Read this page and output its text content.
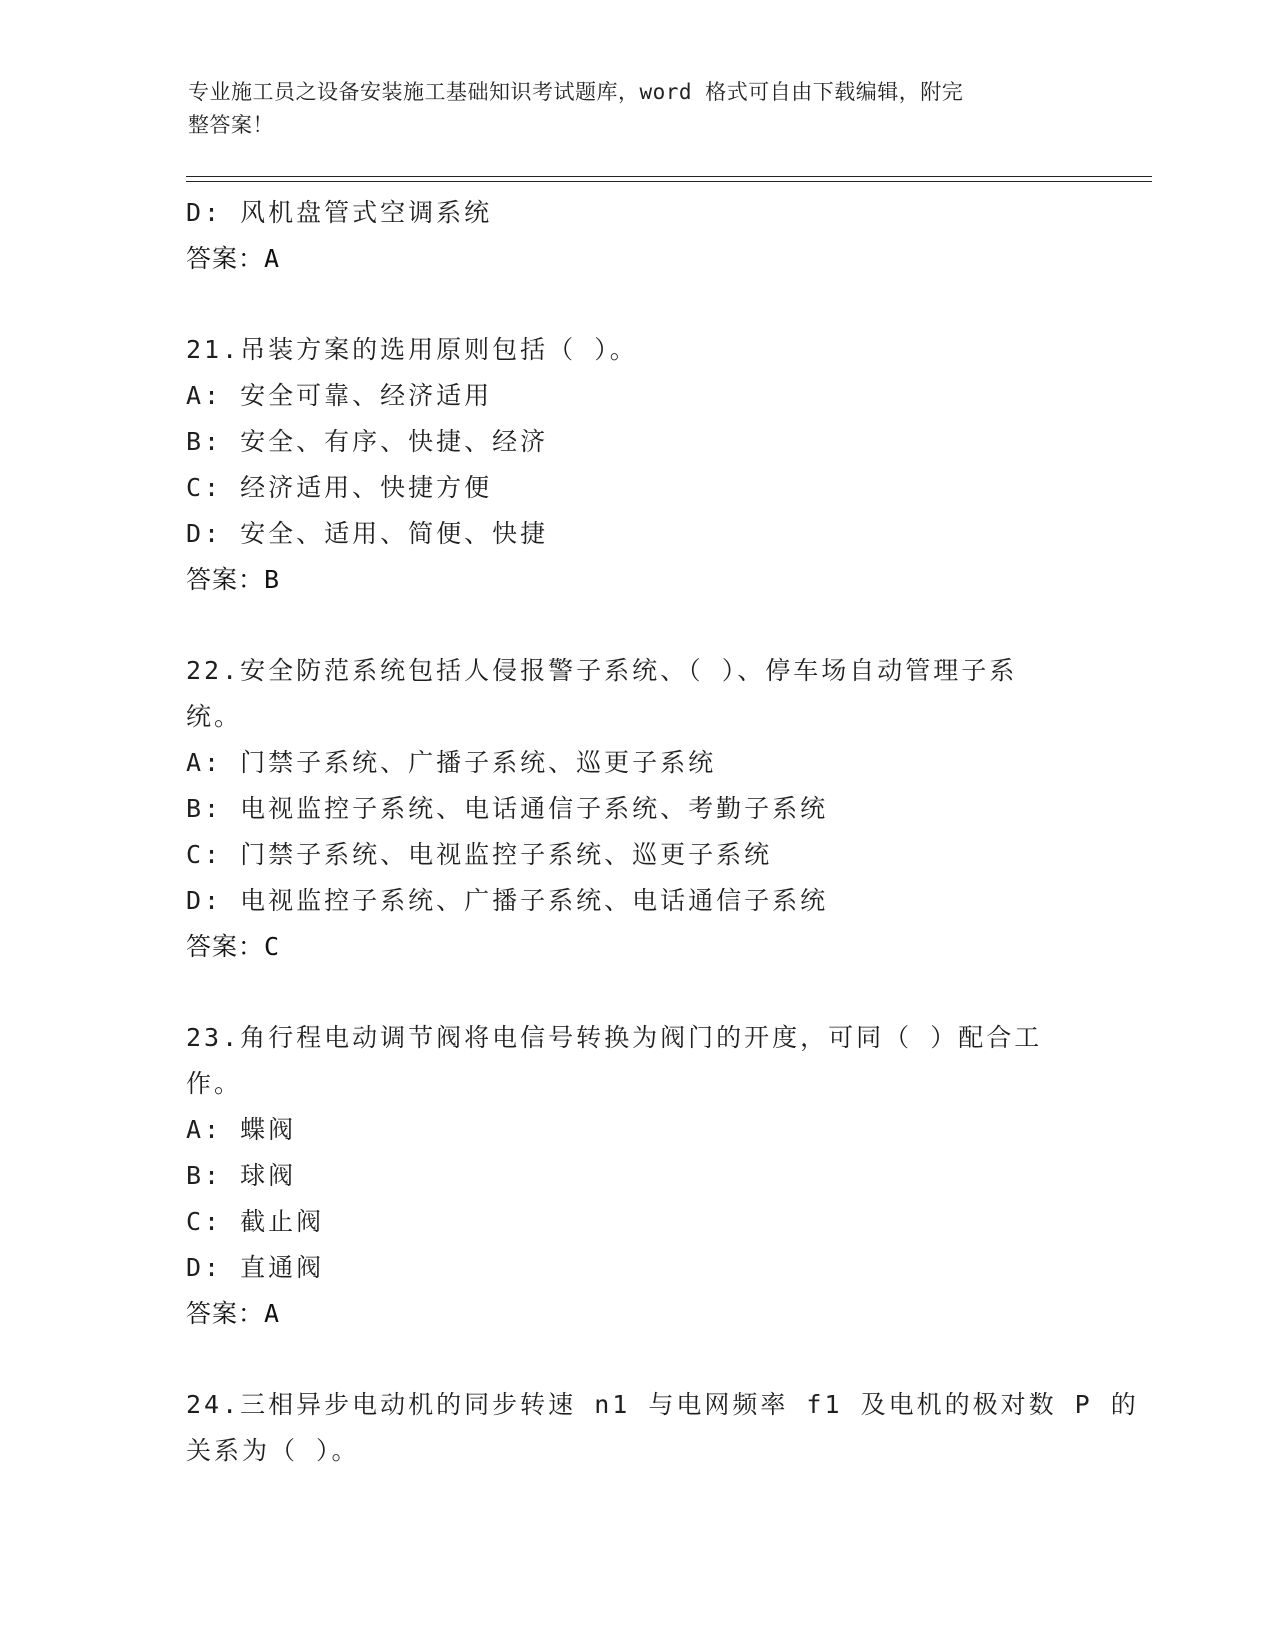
专业施工员之设备安装施工基础知识考试题库，word 格式可自由下载编辑，附完
整答案！
D: 风机盘管式空调系统
答案：A
21.吊装方案的选用原则包括（ ）。
A: 安全可靠、经济适用
B: 安全、有序、快捷、经济
C: 经济适用、快捷方便
D: 安全、适用、简便、快捷
答案：B
22.安全防范系统包括人侵报警子系统、（ ）、停车场自动管理子系
统。
A: 门禁子系统、广播子系统、巡更子系统
B: 电视监控子系统、电话通信子系统、考勤子系统
C: 门禁子系统、电视监控子系统、巡更子系统
D: 电视监控子系统、广播子系统、电话通信子系统
答案：C
23.角行程电动调节阀将电信号转换为阀门的开度，可同（ ）配合工
作。
A: 蝶阀
B: 球阀
C: 截止阀
D: 直通阀
答案：A
24.三相异步电动机的同步转速 n1 与电网频率 f1 及电机的极对数 P 的
关系为（ ）。
